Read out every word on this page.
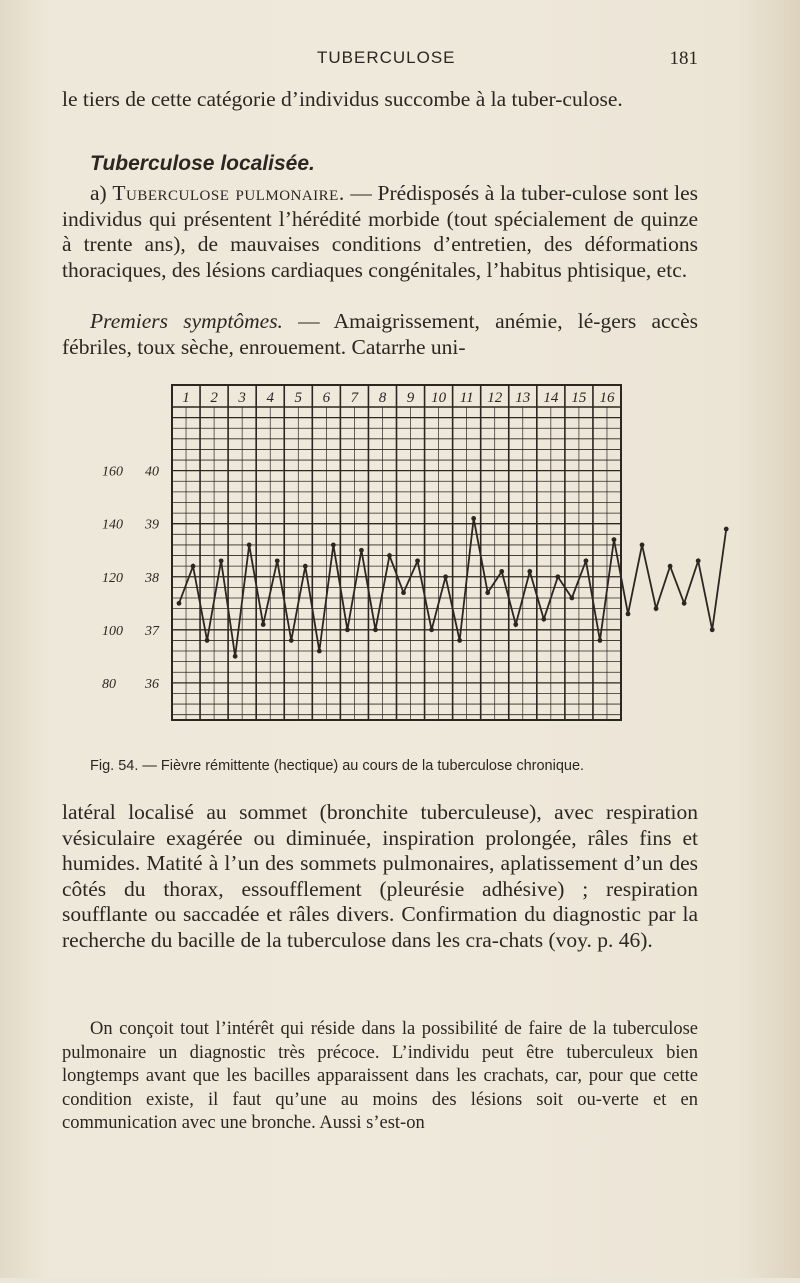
TUBERCULOSE	181

le tiers de cette catégorie d’individus succombe à la tuber-culose.

Tuberculose localisée.

a) Tuberculose pulmonaire. — Prédisposés à la tuber-culose sont les individus qui présentent l’hérédité morbide (tout spécialement de quinze à trente ans), de mauvaises conditions d’entretien, des déformations thoraciques, des lésions cardiaques congénitales, l’habitus phtisique, etc.

Premiers symptômes. — Amaigrissement, anémie, lé-gers accès fébriles, toux sèche, enrouement. Catarrhe uni-

1 2 3 4 5 6 7 8 9 10 11 12 13 14 15 16
160 40
140 39
120 38
100 37
80 36

Fig. 54. — Fièvre rémittente (hectique) au cours de la tuberculose chronique.

latéral localisé au sommet (bronchite tuberculeuse), avec respiration vésiculaire exagérée ou diminuée, inspiration prolongée, râles fins et humides. Matité à l’un des sommets pulmonaires, aplatissement d’un des côtés du thorax, essoufflement (pleurésie adhésive) ; respiration soufflante ou saccadée et râles divers. Confirmation du diagnostic par la recherche du bacille de la tuberculose dans les cra-chats (voy. p. 46).

On conçoit tout l’intérêt qui réside dans la possibilité de faire de la tuberculose pulmonaire un diagnostic très précoce. L’individu peut être tuberculeux bien longtemps avant que les bacilles apparaissent dans les crachats, car, pour que cette condition existe, il faut qu’une au moins des lésions soit ou-verte et en communication avec une bronche. Aussi s’est-on
